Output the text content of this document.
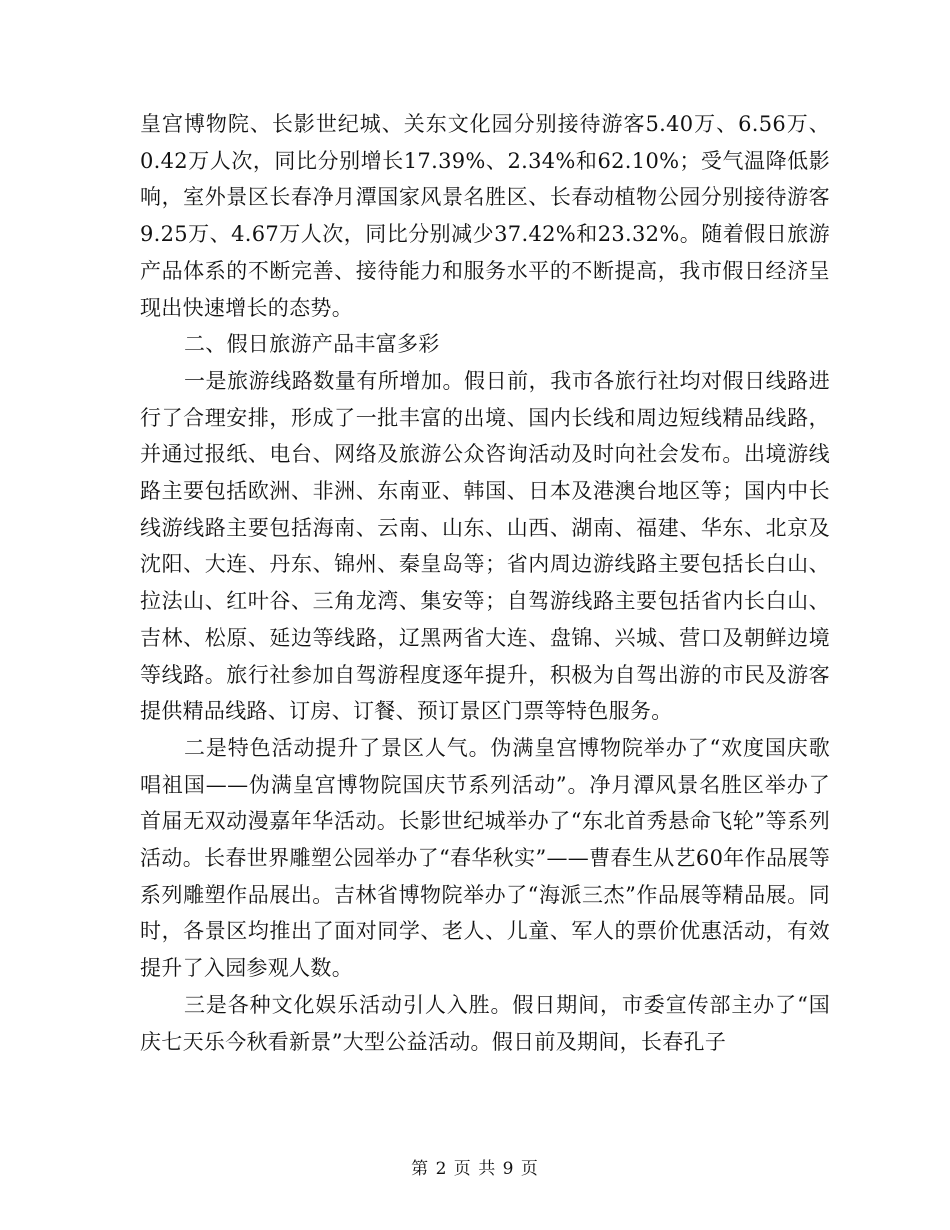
皇宫博物院、长影世纪城、关东文化园分别接待游客5.40万、6.56万、0.42万人次，同比分别增长17.39%、2.34%和62.10%；受气温降低影响，室外景区长春净月潭国家风景名胜区、长春动植物公园分别接待游客9.25万、4.67万人次，同比分别减少37.42%和23.32%。随着假日旅游产品体系的不断完善、接待能力和服务水平的不断提高，我市假日经济呈现出快速增长的态势。

二、假日旅游产品丰富多彩

一是旅游线路数量有所增加。假日前，我市各旅行社均对假日线路进行了合理安排，形成了一批丰富的出境、国内长线和周边短线精品线路，并通过报纸、电台、网络及旅游公众咨询活动及时向社会发布。出境游线路主要包括欧洲、非洲、东南亚、韩国、日本及港澳台地区等；国内中长线游线路主要包括海南、云南、山东、山西、湖南、福建、华东、北京及沈阳、大连、丹东、锦州、秦皇岛等；省内周边游线路主要包括长白山、拉法山、红叶谷、三角龙湾、集安等；自驾游线路主要包括省内长白山、吉林、松原、延边等线路，辽黑两省大连、盘锦、兴城、营口及朝鲜边境等线路。旅行社参加自驾游程度逐年提升，积极为自驾出游的市民及游客提供精品线路、订房、订餐、预订景区门票等特色服务。

二是特色活动提升了景区人气。伪满皇宫博物院举办了“欢度国庆歌唱祖国——伪满皇宫博物院国庆节系列活动”。净月潭风景名胜区举办了首届无双动漫嘉年华活动。长影世纪城举办了“东北首秀悬命飞轮”等系列活动。长春世界雕塑公园举办了“春华秋实”——曹春生从艺60年作品展等系列雕塑作品展出。吉林省博物院举办了“海派三杰”作品展等精品展。同时，各景区均推出了面对同学、老人、儿童、军人的票价优惠活动，有效提升了入园参观人数。

三是各种文化娱乐活动引人入胜。假日期间，市委宣传部主办了“国庆七天乐今秋看新景”大型公益活动。假日前及期间，长春孔子

第 2 页 共 9 页
